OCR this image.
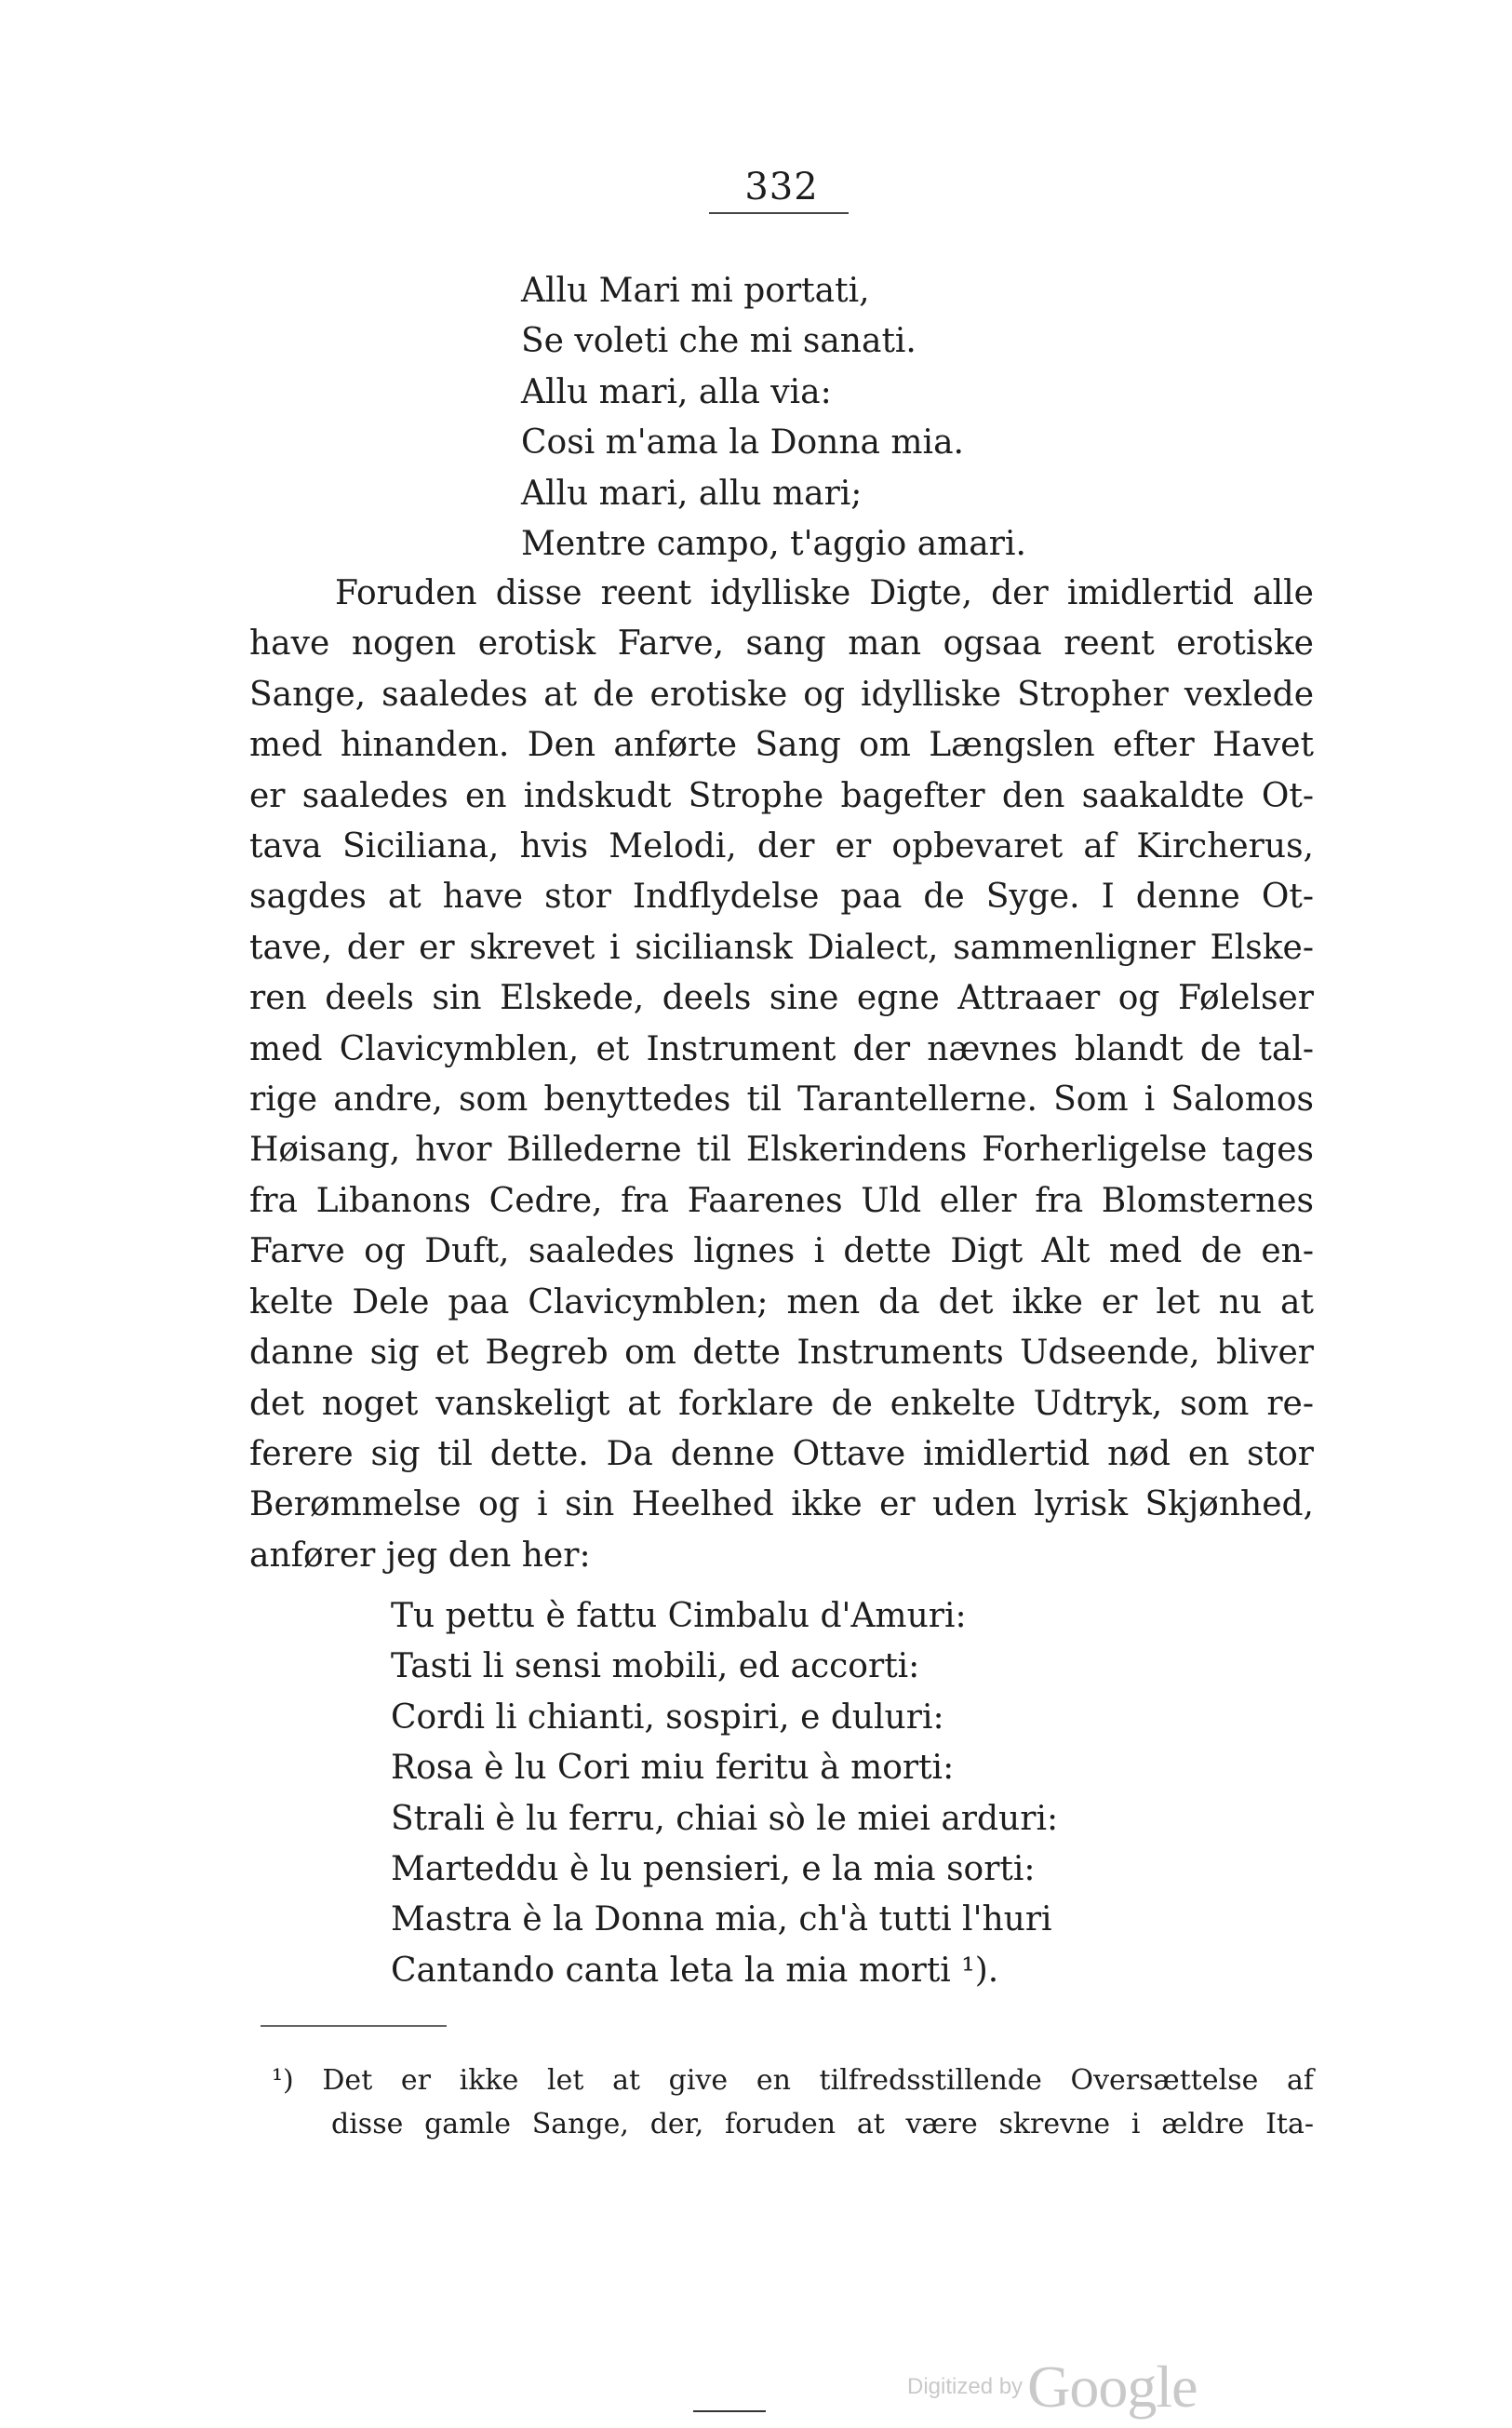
332
Allu Mari mi portati,
Se voleti che mi sanati.
Allu mari, alla via:
Cosi m'ama la Donna mia.
Allu mari, allu mari;
Mentre campo, t'aggio amari.
Foruden disse reent idylliske Digte, der imidlertid alle
have nogen erotisk Farve, sang man ogsaa reent erotiske
Sange, saaledes at de erotiske og idylliske Stropher vexlede
med hinanden. Den anførte Sang om Længslen efter Havet
er saaledes en indskudt Strophe bagefter den saakaldte Ot-
tava Siciliana, hvis Melodi, der er opbevaret af Kircherus,
sagdes at have stor Indflydelse paa de Syge. I denne Ot-
tave, der er skrevet i siciliansk Dialect, sammenligner Elske-
ren deels sin Elskede, deels sine egne Attraaer og Følelser
med Clavicymblen, et Instrument der nævnes blandt de tal-
rige andre, som benyttedes til Tarantellerne. Som i Salomos
Høisang, hvor Billederne til Elskerindens Forherligelse tages
fra Libanons Cedre, fra Faarenes Uld eller fra Blomsternes
Farve og Duft, saaledes lignes i dette Digt Alt med de en-
kelte Dele paa Clavicymblen; men da det ikke er let nu at
danne sig et Begreb om dette Instruments Udseende, bliver
det noget vanskeligt at forklare de enkelte Udtryk, som re-
ferere sig til dette. Da denne Ottave imidlertid nød en stor
Berømmelse og i sin Heelhed ikke er uden lyrisk Skjønhed,
anfører jeg den her:
Tu pettu è fattu Cimbalu d'Amuri:
Tasti li sensi mobili, ed accorti:
Cordi li chianti, sospiri, e duluri:
Rosa è lu Cori miu feritu à morti:
Strali è lu ferru, chiai sò le miei arduri:
Marteddu è lu pensieri, e la mia sorti:
Mastra è la Donna mia, ch'à tutti l'huri
Cantando canta leta la mia morti ¹).
¹) Det er ikke let at give en tilfredsstillende Oversættelse af
disse gamle Sange, der, foruden at være skrevne i ældre Ita-
Digitized by Google
